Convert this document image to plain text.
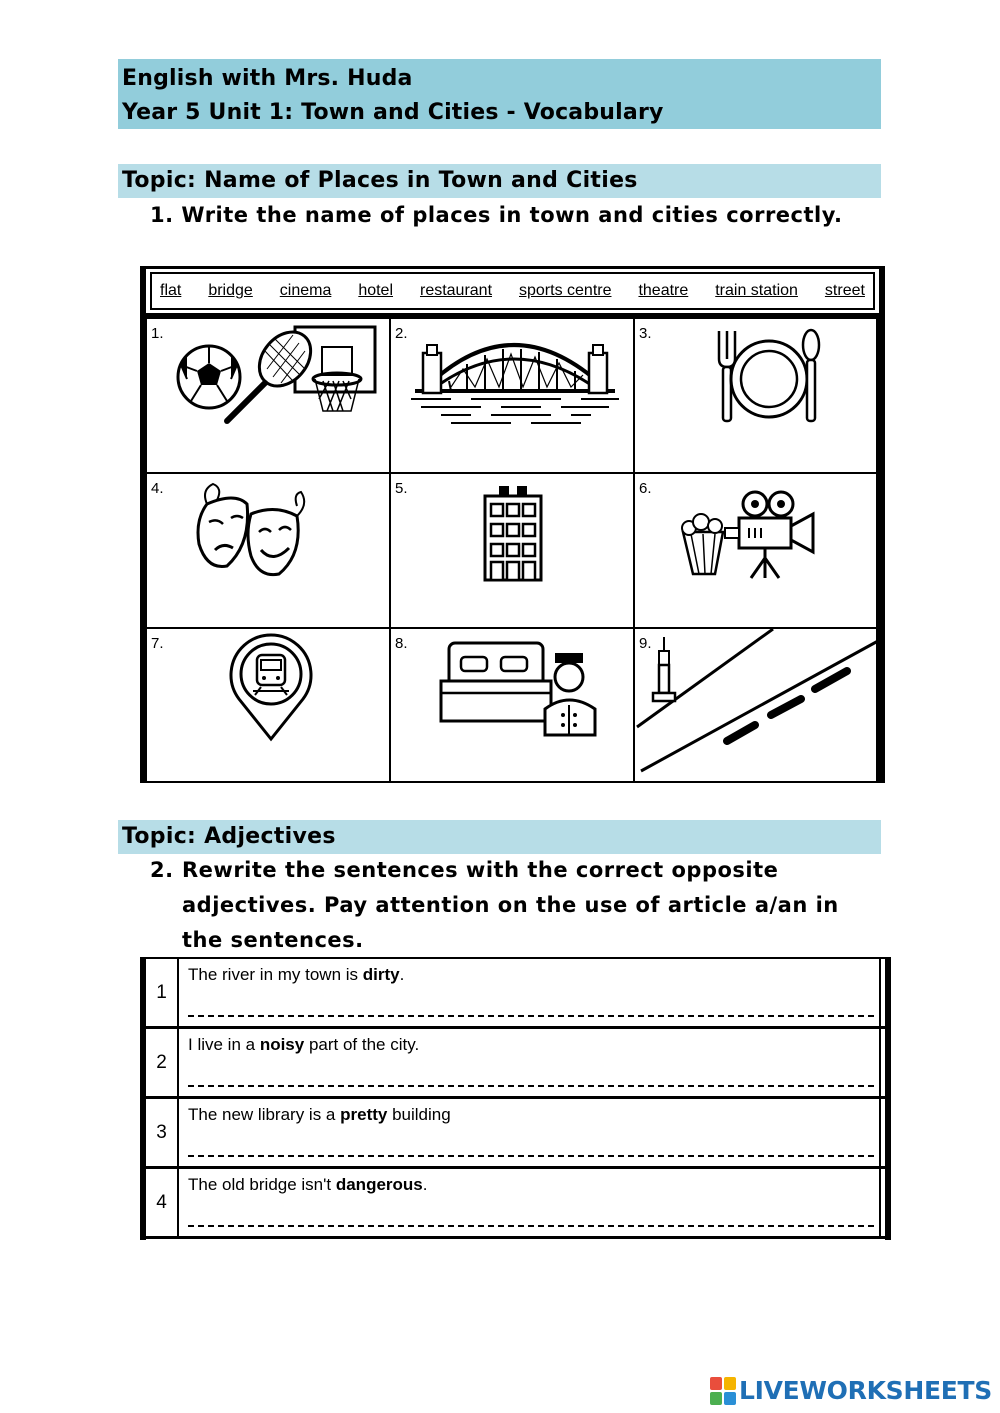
English with Mrs. Huda
Year 5 Unit 1: Town and Cities - Vocabulary
Topic: Name of Places in Town and Cities
1. Write the name of places in town and cities correctly.
flat bridge cinema hotel restaurant sports centre theatre train station street
1.	2.	3.
4.	5.	6.
7.	8.	9.
Topic: Adjectives
2. Rewrite the sentences with the correct opposite adjectives. Pay attention on the use of article a/an in the sentences.
1
The river in my town is dirty.
2
I live in a noisy part of the city.
3
The new library is a pretty building
4
The old bridge isn't dangerous.
LIVEWORKSHEETS
